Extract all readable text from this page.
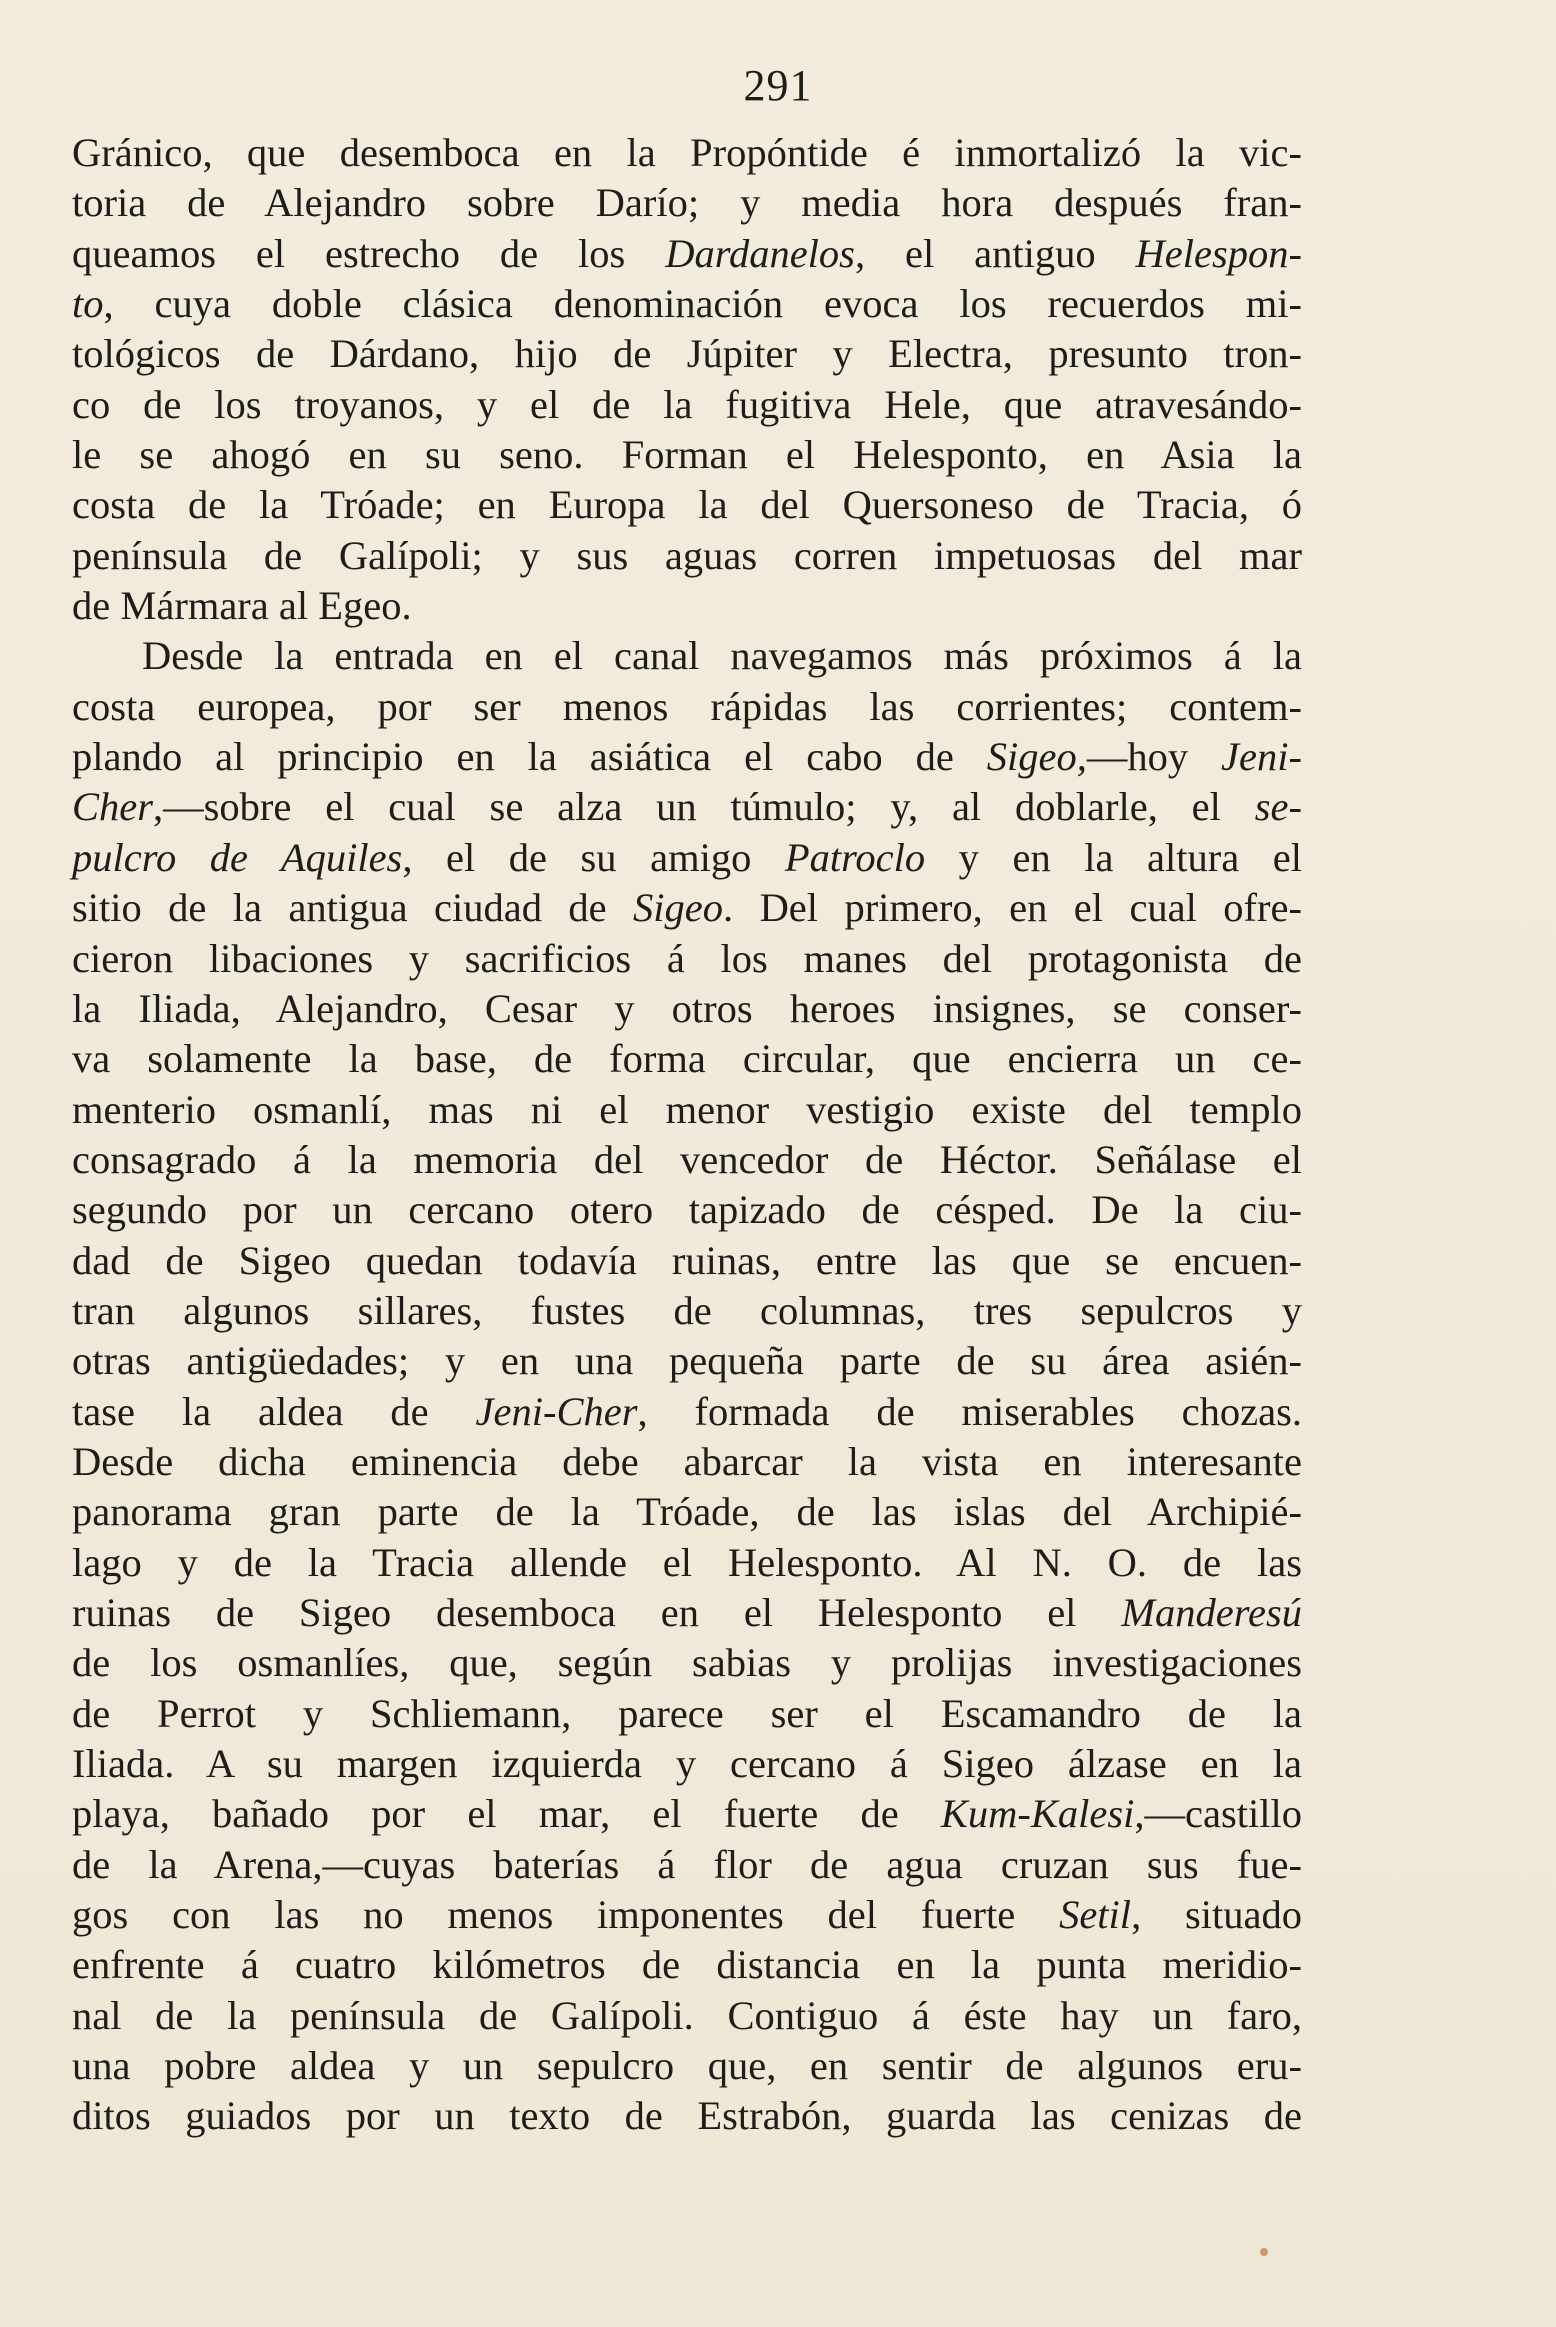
291
Gránico, que desemboca en la Propóntide é inmortalizó la vic-
toria de Alejandro sobre Darío; y media hora después fran-
queamos el estrecho de los Dardanelos, el antiguo Helespon-
to, cuya doble clásica denominación evoca los recuerdos mi-
tológicos de Dárdano, hijo de Júpiter y Electra, presunto tron-
co de los troyanos, y el de la fugitiva Hele, que atravesándo-
le se ahogó en su seno. Forman el Helesponto, en Asia la
costa de la Tróade; en Europa la del Quersoneso de Tracia, ó
península de Galípoli; y sus aguas corren impetuosas del mar
de Mármara al Egeo.
Desde la entrada en el canal navegamos más próximos á la
costa europea, por ser menos rápidas las corrientes; contem-
plando al principio en la asiática el cabo de Sigeo,—hoy Jeni-
Cher,—sobre el cual se alza un túmulo; y, al doblarle, el se-
pulcro de Aquiles, el de su amigo Patroclo y en la altura el
sitio de la antigua ciudad de Sigeo. Del primero, en el cual ofre-
cieron libaciones y sacrificios á los manes del protagonista de
la Iliada, Alejandro, Cesar y otros heroes insignes, se conser-
va solamente la base, de forma circular, que encierra un ce-
menterio osmanlí, mas ni el menor vestigio existe del templo
consagrado á la memoria del vencedor de Héctor. Señálase el
segundo por un cercano otero tapizado de césped. De la ciu-
dad de Sigeo quedan todavía ruinas, entre las que se encuen-
tran algunos sillares, fustes de columnas, tres sepulcros y
otras antigüedades; y en una pequeña parte de su área asién-
tase la aldea de Jeni-Cher, formada de miserables chozas.
Desde dicha eminencia debe abarcar la vista en interesante
panorama gran parte de la Tróade, de las islas del Archipié-
lago y de la Tracia allende el Helesponto. Al N. O. de las
ruinas de Sigeo desemboca en el Helesponto el Manderesú
de los osmanlíes, que, según sabias y prolijas investigaciones
de Perrot y Schliemann, parece ser el Escamandro de la
Iliada. A su margen izquierda y cercano á Sigeo álzase en la
playa, bañado por el mar, el fuerte de Kum-Kalesi,—castillo
de la Arena,—cuyas baterías á flor de agua cruzan sus fue-
gos con las no menos imponentes del fuerte Setil, situado
enfrente á cuatro kilómetros de distancia en la punta meridio-
nal de la península de Galípoli. Contiguo á éste hay un faro,
una pobre aldea y un sepulcro que, en sentir de algunos eru-
ditos guiados por un texto de Estrabón, guarda las cenizas de
